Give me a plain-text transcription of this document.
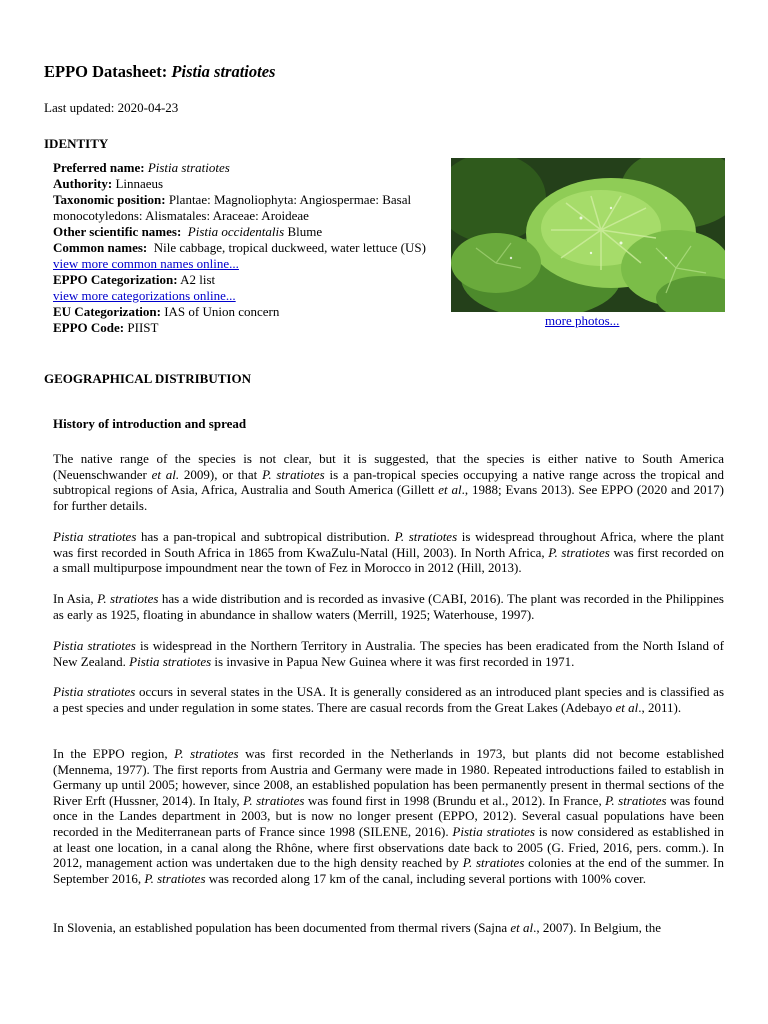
EPPO Datasheet: Pistia stratiotes
Last updated: 2020-04-23
IDENTITY

Preferred name: Pistia stratiotes

Authority: Linnaeus

Taxonomic position: Plantae: Magnoliophyta: Angiospermae: Basal monocotyledons: Alismatales: Araceae: Aroideae

Other scientific names: Pistia occidentalis Blume

Common names: Nile cabbage, tropical duckweed, water lettuce (US)

view more common names online...

EPPO Categorization: A2 list

view more categorizations online...

EU Categorization: IAS of Union concern

EPPO Code: PIIST	more photos...
GEOGRAPHICAL DISTRIBUTION
History of introduction and spread

The native range of the species is not clear, but it is suggested, that the species is either native to South America (Neuenschwander et al. 2009), or that P. stratiotes is a pan-tropical species occupying a native range across the tropical and subtropical regions of Asia, Africa, Australia and South America (Gillett et al., 1988; Evans 2013). See EPPO (2020 and 2017) for further details.

Pistia stratiotes has a pan-tropical and subtropical distribution. P. stratiotes is widespread throughout Africa, where the plant was first recorded in South Africa in 1865 from KwaZulu-Natal (Hill, 2003). In North Africa, P. stratiotes was first recorded on a small multipurpose impoundment near the town of Fez in Morocco in 2012 (Hill, 2013).

In Asia, P. stratiotes has a wide distribution and is recorded as invasive (CABI, 2016). The plant was recorded in the Philippines as early as 1925, floating in abundance in shallow waters (Merrill, 1925; Waterhouse, 1997).

Pistia stratiotes is widespread in the Northern Territory in Australia. The species has been eradicated from the North Island of New Zealand. Pistia stratiotes is invasive in Papua New Guinea where it was first recorded in 1971.

Pistia stratiotes occurs in several states in the USA. It is generally considered as an introduced plant species and is classified as a pest species and under regulation in some states. There are casual records from the Great Lakes (Adebayo et al., 2011).

In the EPPO region, P. stratiotes was first recorded in the Netherlands in 1973, but plants did not become established (Mennema, 1977). The first reports from Austria and Germany were made in 1980. Repeated introductions failed to establish in Germany up until 2005; however, since 2008, an established population has been permanently present in thermal sections of the River Erft (Hussner, 2014). In Italy, P. stratiotes was found first in 1998 (Brundu et al., 2012). In France, P. stratiotes was found once in the Landes department in 2003, but is now no longer present (EPPO, 2012). Several casual populations have been recorded in the Mediterranean parts of France since 1998 (SILENE, 2016). Pistia stratiotes is now considered as established in at least one location, in a canal along the Rhône, where first observations date back to 2005 (G. Fried, 2016, pers. comm.). In 2012, management action was undertaken due to the high density reached by P. stratiotes colonies at the end of the summer. In September 2016, P. stratiotes was recorded along 17 km of the canal, including several portions with 100% cover.

In Slovenia, an established population has been documented from thermal rivers (Sajna et al., 2007). In Belgium, the
